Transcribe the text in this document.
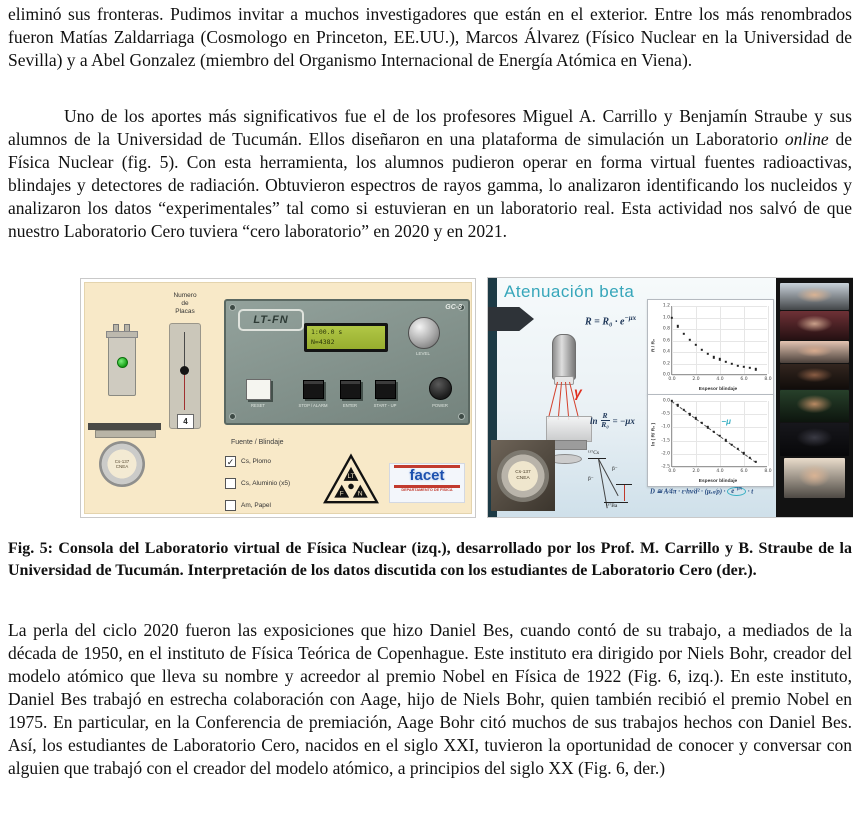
eliminó sus fronteras. Pudimos invitar a muchos investigadores que están en el exterior. Entre los más renombrados fueron Matías Zaldarriaga (Cosmologo en Princeton, EE.UU.), Marcos Álvarez (Físico Nuclear en la Universidad de Sevilla) y a Abel Gonzalez (miembro del Organismo Internacional de Energía Atómica en Viena).

Uno de los aportes más significativos fue el de los profesores Miguel A. Carrillo y Benjamín Straube y sus alumnos de la Universidad de Tucumán. Ellos diseñaron en una plataforma de simulación un Laboratorio online de Física Nuclear (fig. 5). Con esta herramienta, los alumnos pudieron operar en forma virtual fuentes radioactivas, blindajes y detectores de radiación. Obtuvieron espectros de rayos gamma, lo analizaron identificando los nucleidos y analizaron los datos “experimentales” tal como si estuvieran en un laboratorio real. Esta actividad nos salvó de que nuestro Laboratorio Cero tuviera “cero laboratorio” en 2020 y en 2021.

Numero
de
Placas
4
LT-FN
GC-3
1:00.0 s
N=4382
LEVEL
RESET	STOP / ALARM	ENTER	START - UP	POWER
Cs-137
CNEA
Fuente / Blindaje
✓ Cs, Plomo
Cs, Aluminio (x5)
Am, Papel
LT
F N
facet
DEPARTAMENTO DE FISICA
Atenuación beta
$R = R_0 \cdot e^{-\mu x}$
γ
$\ln \frac{R}{\text{R₀}} = -\mu x$
¹³⁷Cs
β⁻
β⁻
¹³⁷Ba
Cs-137
CNEA
R / R₀
0.0	2.0	4.0	6.0	8.0
0.0
0.2
0.4
0.6
0.8
1.0
1.2
Espesor blindaje
ln ( R/ R₀ )
0.0	2.0	4.0	6.0	8.0
0.0
-0.5
-1.0
-1.5
-2.0
-2.5
−μ
Espesor blindaje
D ≅ A⁄4π · ε·hν⁄d² · (μₑₙ⁄ρ) · $e^{-\mu x} \cdot t$

Fig. 5: Consola del Laboratorio virtual de Física Nuclear (izq.), desarrollado por los Prof. M. Carrillo y B. Straube de la Universidad de Tucumán. Interpretación de los datos discutida con los estudiantes de Laboratorio Cero (der.).

La perla del ciclo 2020 fueron las exposiciones que hizo Daniel Bes, cuando contó de su trabajo, a mediados de la década de 1950, en el instituto de Física Teórica de Copenhague. Este instituto era dirigido por Niels Bohr, creador del modelo atómico que lleva su nombre y acreedor al premio Nobel en Física de 1922 (Fig. 6, izq.). En este instituto, Daniel Bes trabajó en estrecha colaboración con Aage, hijo de Niels Bohr, quien también recibió el premio Nobel en 1975. En particular, en la Conferencia de premiación, Aage Bohr citó muchos de sus trabajos hechos con Daniel Bes. Así, los estudiantes de Laboratorio Cero, nacidos en el siglo XXI, tuvieron la oportunidad de conocer y conversar con alguien que trabajó con el creador del modelo atómico, a principios del siglo XX (Fig. 6, der.)
